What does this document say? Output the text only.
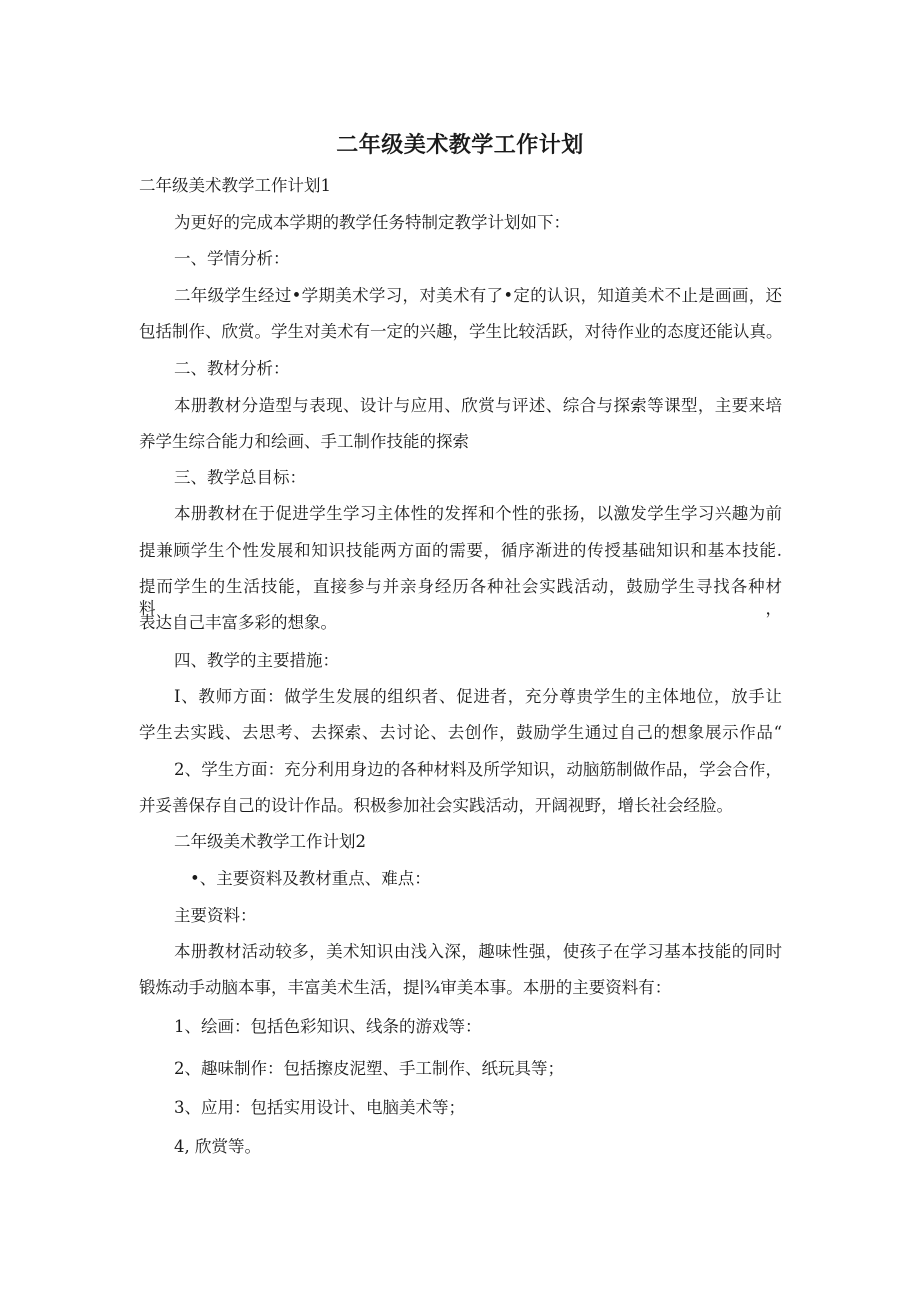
二年级美术教学工作计划

二年级美术教学工作计划1

为更好的完成本学期的教学任务特制定教学计划如下：

一、学情分析：

二年级学生经过•学期美术学习，对美术有了•定的认识，知道美术不止是画画，还

包括制作、欣赏。学生对美术有一定的兴趣，学生比较活跃，对待作业的态度还能认真。

二、教材分析：

本册教材分造型与表现、设计与应用、欣赏与评述、综合与探索等课型，主要来培

养学生综合能力和绘画、手工制作技能的探索

三、教学总目标：

本册教材在于促进学生学习主体性的发挥和个性的张扬，以激发学生学习兴趣为前

提兼顾学生个性发展和知识技能两方面的需要，循序渐进的传授基础知识和基本技能.

提而学生的生活技能，直接参与并亲身经历各种社会实践活动，鼓励学生寻找各种材料，

表达自己丰富多彩的想象。

四、教学的主要措施：

I、教师方面：做学生发展的组织者、促进者，充分尊贵学生的主体地位，放手让

学生去实践、去思考、去探索、去讨论、去创作，鼓励学生通过自己的想象展示作品“

2、学生方面：充分利用身边的各种材料及所学知识，动脑筋制做作品，学会合作，

并妥善保存自己的设计作品。积极参加社会实践活动，开阔视野，增长社会经脸。

二年级美术教学工作计划2

•、主要资料及教材重点、难点：

主要资料：

本册教材活动较多，美术知识由浅入深，趣味性强，使孩子在学习基本技能的同时

锻炼动手动脑本事，丰富美术生活，提∣¾审美本事。本册的主要资料有：

1、绘画：包括色彩知识、线条的游戏等：

2、趣味制作：包括擦皮泥塑、手工制作、纸玩具等；

3、应用：包括实用设计、电脑美术等；

4, 欣赏等。
